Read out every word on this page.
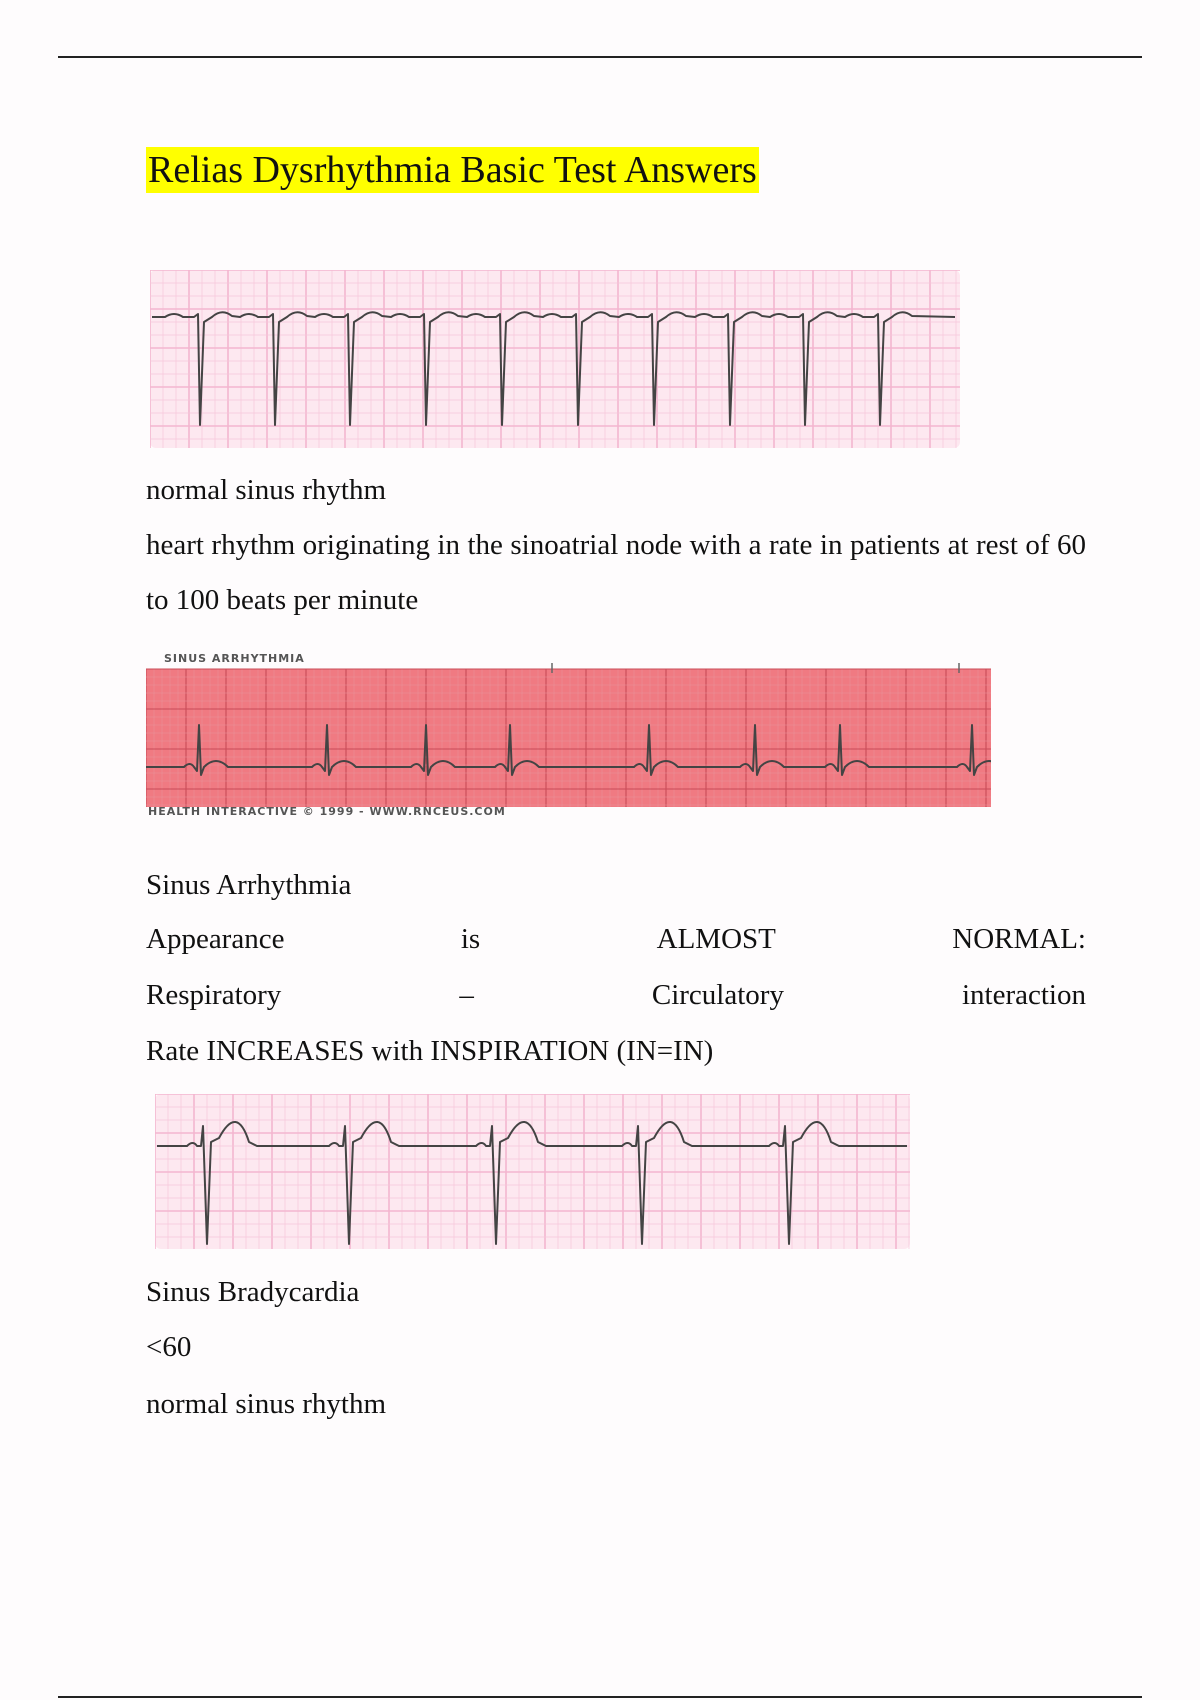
Relias Dysrhythmia Basic Test Answers
normal sinus rhythm
heart rhythm originating in the sinoatrial node with a rate in patients at rest of 60 to 100 beats per minute
SINUS ARRHYTHMIA
HEALTH INTERACTIVE © 1999 - WWW.RNCEUS.COM
Sinus Arrhythmia
Appearance	is	ALMOST	NORMAL:
Respiratory	–	Circulatory	interaction
Rate INCREASES with INSPIRATION (IN=IN)
Sinus Bradycardia
<60
normal sinus rhythm
